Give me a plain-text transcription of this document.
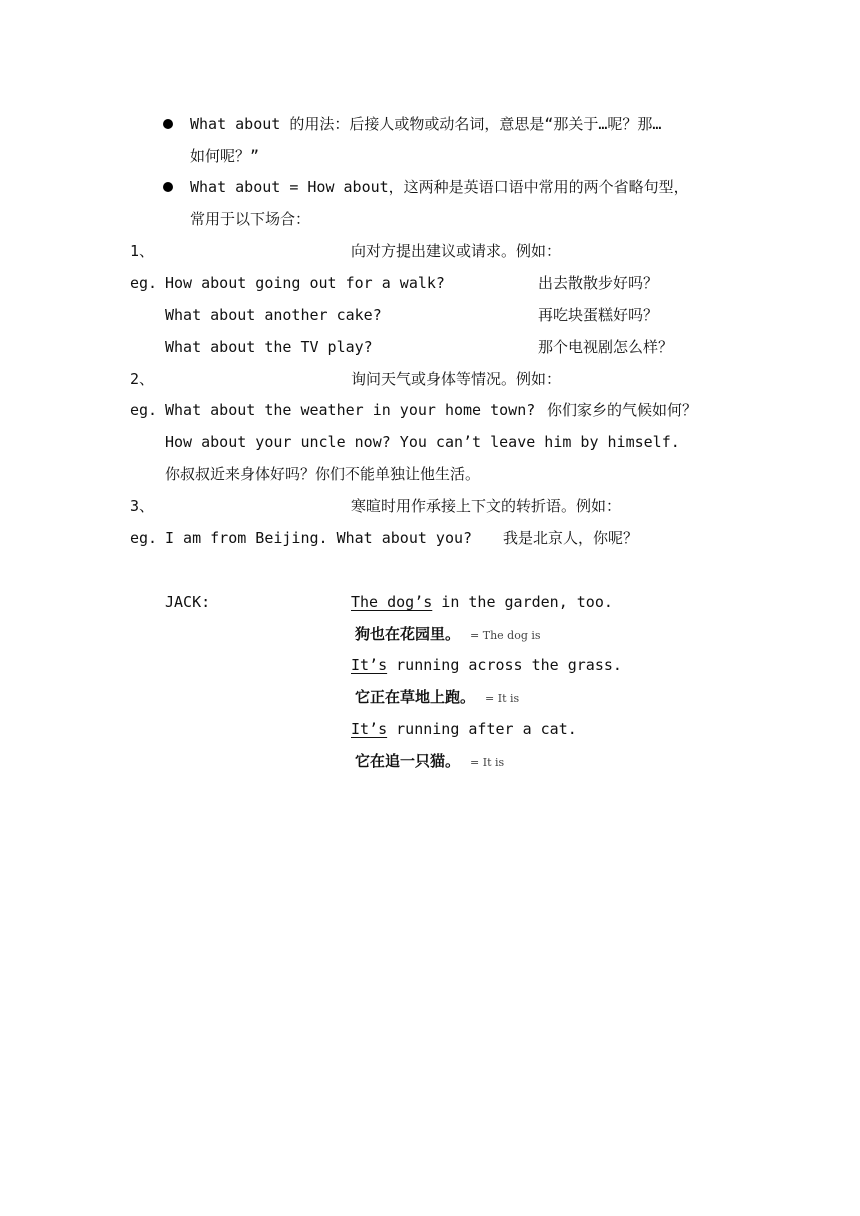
What about 的用法：后接人或物或动名词，意思是“那关于…呢？那…
如何呢？”
What about = How about，这两种是英语口语中常用的两个省略句型，
常用于以下场合：
1、	向对方提出建议或请求。例如：
eg. How about going out for a walk?	出去散散步好吗？
What about another cake?	再吃块蛋糕好吗？
What about the TV play?	那个电视剧怎么样？
2、	询问天气或身体等情况。例如：
eg. What about the weather in your home town? 你们家乡的气候如何？
How about your uncle now? You can’t leave him by himself.
你叔叔近来身体好吗？你们不能单独让他生活。
3、	寒暄时用作承接上下文的转折语。例如：
eg. I am from Beijing. What about you? 我是北京人，你呢？
JACK:	The dog’s in the garden, too.
狗也在花园里。 = The dog is
It’s running across the grass.
它正在草地上跑。 = It is
It’s running after a cat.
它在追一只猫。 = It is
